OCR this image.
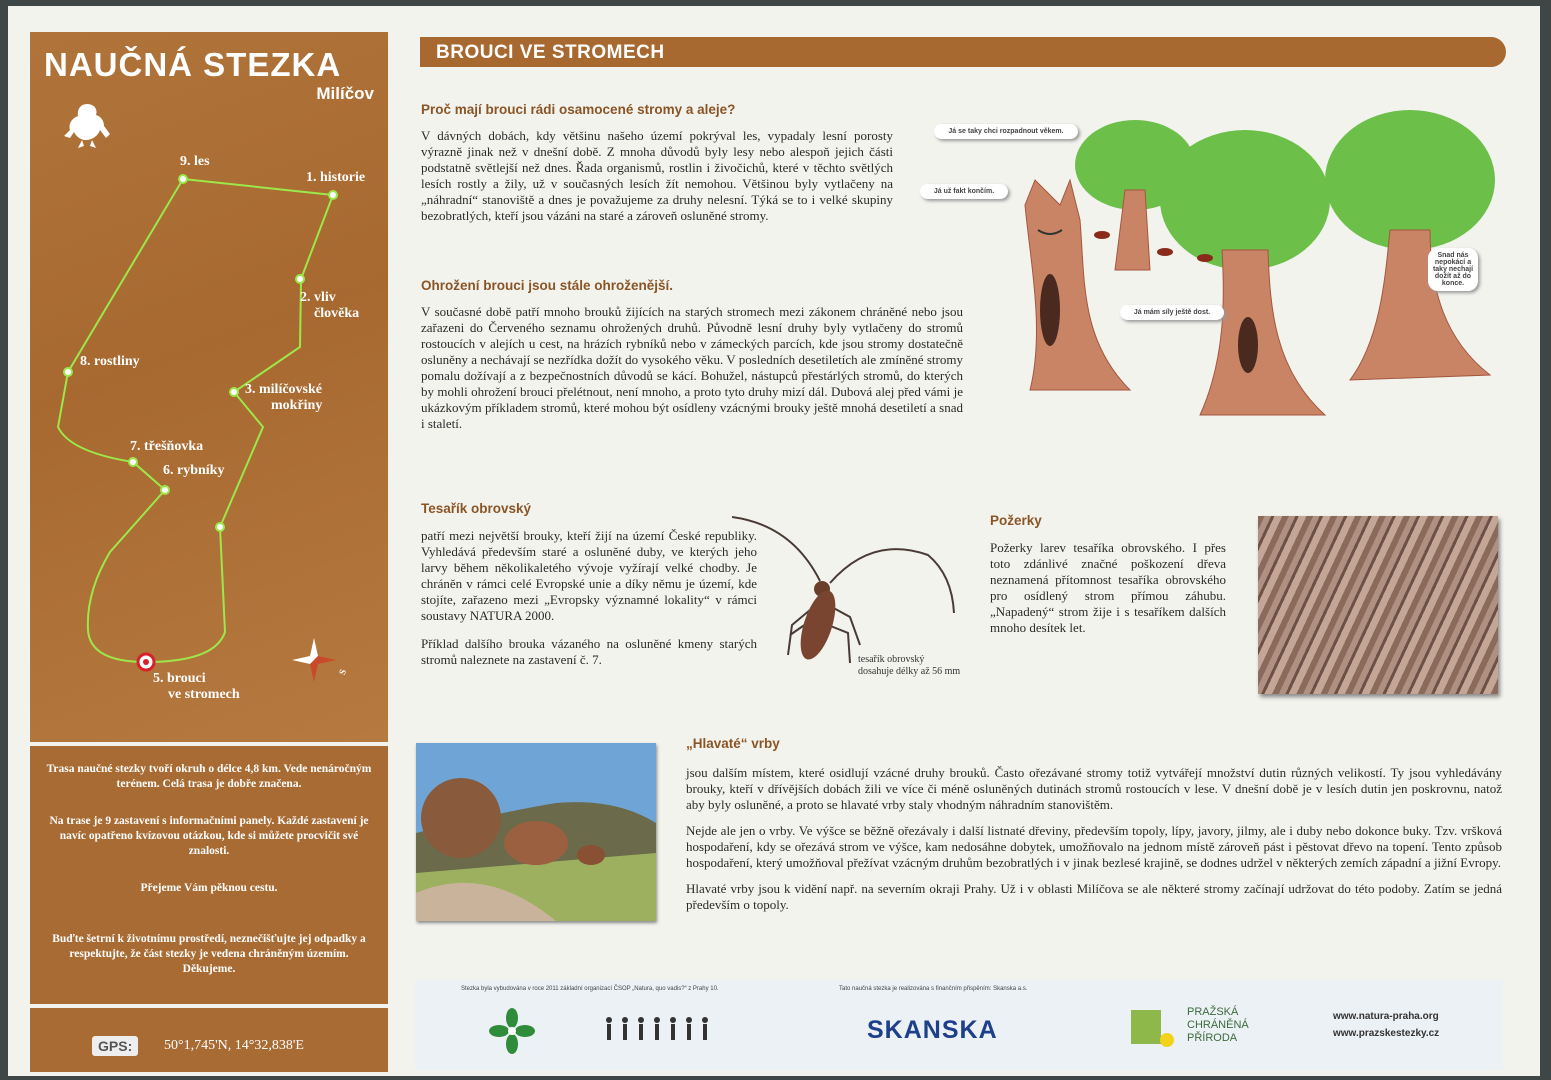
NAUČNÁ STEZKA
Milíčov
1. historie
2. vliv
člověka
3. milíčovské
mokřiny
5. brouci
ve stromech
6. rybníky
7. třešňovka
8. rostliny
9. les
S

Trasa naučné stezky tvoří okruh o délce 4,8 km. Vede nenáročným terénem. Celá trasa je dobře značena.

Na trase je 9 zastavení s informačními panely. Každé zastavení je navíc opatřeno kvízovou otázkou, kde si můžete procvičit své znalosti.

Přejeme Vám pěknou cestu.

Buďte šetrní k životnímu prostředí, neznečišťujte jej odpadky a respektujte, že část stezky je vedena chráněným územím. Děkujeme.

GPS:	50°1,745'N, 14°32,838'E
BROUCI VE STROMECH
Proč mají brouci rádi osamocené stromy a aleje?
V dávných dobách, kdy většinu našeho území pokrýval les, vypadaly lesní porosty výrazně jinak než v dnešní době. Z mnoha důvodů byly lesy nebo alespoň jejich části podstatně světlejší než dnes. Řada organismů, rostlin i živočichů, které v těchto světlých lesích rostly a žily, už v současných lesích žít nemohou. Většinou byly vytlačeny na „náhradní“ stanoviště a dnes je považujeme za druhy nelesní. Týká se to i velké skupiny bezobratlých, kteří jsou vázáni na staré a zároveň osluněné stromy.
Ohrožení brouci jsou stále ohroženější.
V současné době patří mnoho brouků žijících na starých stromech mezi zákonem chráněné nebo jsou zařazeni do Červeného seznamu ohrožených druhů. Původně lesní druhy byly vytlačeny do stromů rostoucích v alejích u cest, na hrázích rybníků nebo v zámeckých parcích, kde jsou stromy dostatečně osluněny a nechávají se nezřídka dožít do vysokého věku. V posledních desetiletích ale zmíněné stromy pomalu dožívají a z bezpečnostních důvodů se kácí. Bohužel, nástupců přestárlých stromů, do kterých by mohli ohrožení brouci přelétnout, není mnoho, a proto tyto druhy mizí dál. Dubová alej před vámi je ukázkovým příkladem stromů, které mohou být osídleny vzácnými brouky ještě mnohá desetiletí a snad i staletí.
Já se taky chci rozpadnout věkem.
Já už fakt končím.
Já mám síly ještě dost.
Snad nás nepokácí a taky nechají dožít až do konce.
Tesařík obrovský

patří mezi největší brouky, kteří žijí na území České republiky. Vyhledává především staré a osluněné duby, ve kterých jeho larvy během několikaletého vývoje vyžírají velké chodby. Je chráněn v rámci celé Evropské unie a díky němu je území, kde stojíte, zařazeno mezi „Evropsky významné lokality“ v rámci soustavy NATURA 2000.

Příklad dalšího brouka vázaného na osluněné kmeny starých stromů naleznete na zastavení č. 7.	tesařík obrovský
dosahuje délky až 56 mm
Požerky
Požerky larev tesaříka obrovského. I přes toto zdánlivé značné poškození dřeva neznamená přítomnost tesaříka obrovského pro osídlený strom přímou záhubu. „Napadený“ strom žije i s tesaříkem dalších mnoho desítek let.
„Hlavaté“ vrby

jsou dalším místem, které osidlují vzácné druhy brouků. Často ořezávané stromy totiž vytvářejí množství dutin různých velikostí. Ty jsou vyhledávány brouky, kteří v dřívějších dobách žili ve více či méně osluněných dutinách stromů rostoucích v lese. V dnešní době je v lesích dutin jen poskrovnu, natož aby byly osluněné, a proto se hlavaté vrby staly vhodným náhradním stanovištěm.

Nejde ale jen o vrby. Ve výšce se běžně ořezávaly i další listnaté dřeviny, především topoly, lípy, javory, jilmy, ale i duby nebo dokonce buky. Tzv. vršková hospodaření, kdy se ořezává strom ve výšce, kam nedosáhne dobytek, umožňovalo na jednom místě zároveň pást i pěstovat dřevo na topení. Tento způsob hospodaření, který umožňoval přežívat vzácným druhům bezobratlých i v jinak bezlesé krajině, se dodnes udržel v některých zemích západní a jižní Evropy.

Hlavaté vrby jsou k vidění např. na severním okraji Prahy. Už i v oblasti Milíčova se ale některé stromy začínají udržovat do této podoby. Zatím se jedná především o topoly.

Stezka byla vybudována v roce 2011 základní organizací ČSOP „Natura, quo vadis?“ z Prahy 10.	Tato naučná stezka je realizována s finančním přispěním: Skanska a.s.
SKANSKA
PRAŽSKÁ
CHRÁNĚNÁ
PŘÍRODA
www.natura-praha.org
www.prazskestezky.cz
